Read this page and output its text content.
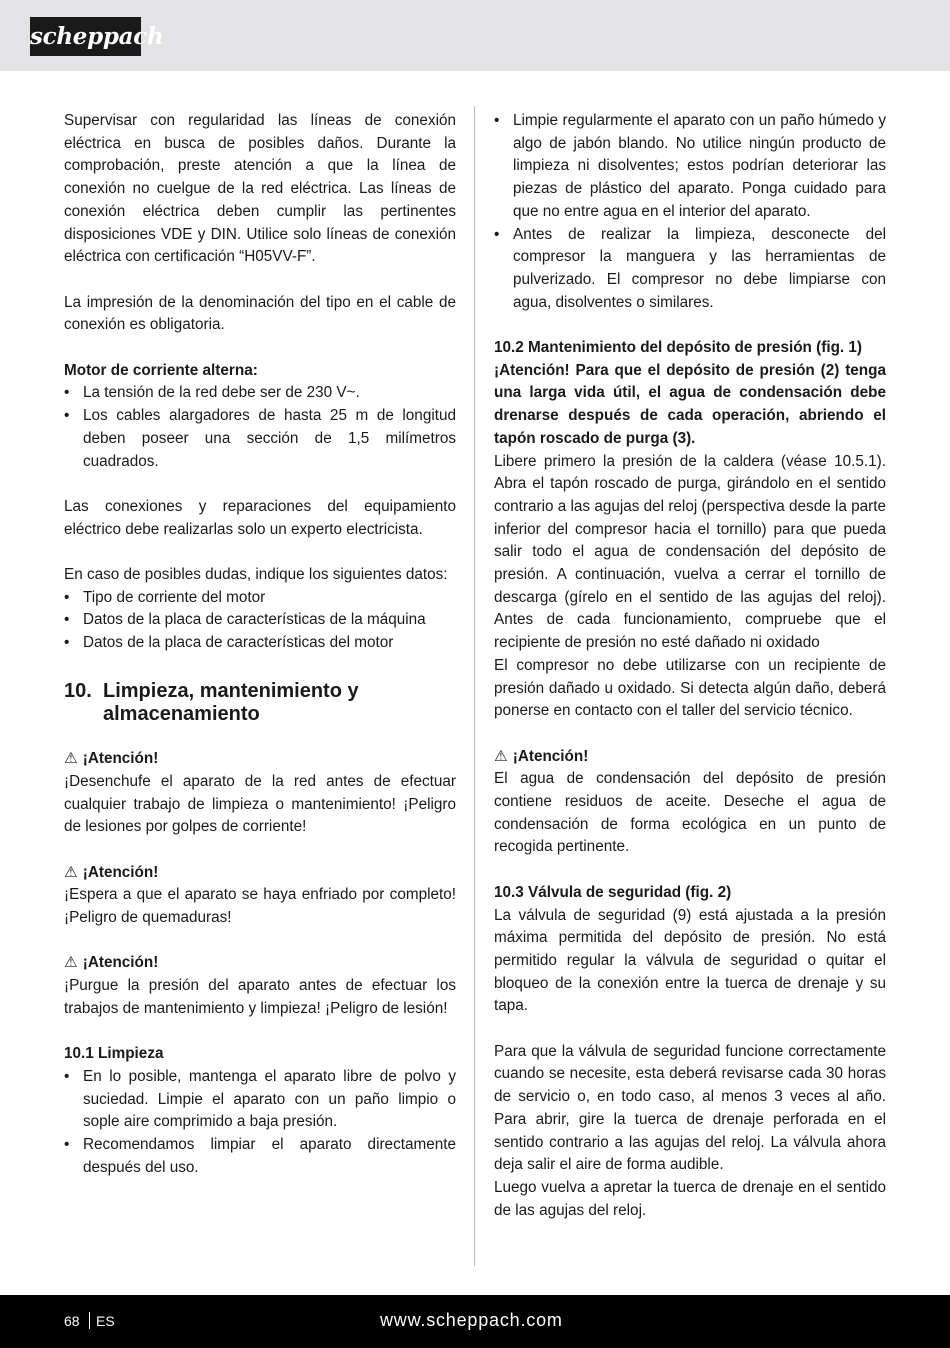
scheppach

Supervisar con regularidad las líneas de conexión eléctrica en busca de posibles daños. Durante la comprobación, preste atención a que la línea de conexión no cuelgue de la red eléctrica. Las líneas de conexión eléctrica deben cumplir las pertinentes disposiciones VDE y DIN. Utilice solo líneas de conexión eléctrica con certificación “H05VV-F”.

La impresión de la denominación del tipo en el cable de conexión es obligatoria.

Motor de corriente alterna:

• La tensión de la red debe ser de 230 V~.
• Los cables alargadores de hasta 25 m de longitud deben poseer una sección de 1,5 milímetros cuadrados.

Las conexiones y reparaciones del equipamiento eléctrico debe realizarlas solo un experto electricista.

En caso de posibles dudas, indique los siguientes datos:

• Tipo de corriente del motor
• Datos de la placa de características de la máquina
• Datos de la placa de características del motor
10. Limpieza, mantenimiento y almacenamiento

⚠ ¡Atención!

¡Desenchufe el aparato de la red antes de efectuar cualquier trabajo de limpieza o mantenimiento! ¡Peligro de lesiones por golpes de corriente!

⚠ ¡Atención!

¡Espera a que el aparato se haya enfriado por completo! ¡Peligro de quemaduras!

⚠ ¡Atención!

¡Purgue la presión del aparato antes de efectuar los trabajos de mantenimiento y limpieza! ¡Peligro de lesión!

10.1 Limpieza

• En lo posible, mantenga el aparato libre de polvo y suciedad. Limpie el aparato con un paño limpio o sople aire comprimido a baja presión.
• Recomendamos limpiar el aparato directamente después del uso.
• Limpie regularmente el aparato con un paño húmedo y algo de jabón blando. No utilice ningún producto de limpieza ni disolventes; estos podrían deteriorar las piezas de plástico del aparato. Ponga cuidado para que no entre agua en el interior del aparato.
• Antes de realizar la limpieza, desconecte del compresor la manguera y las herramientas de pulverizado. El compresor no debe limpiarse con agua, disolventes o similares.

10.2 Mantenimiento del depósito de presión (fig. 1)

¡Atención! Para que el depósito de presión (2) tenga una larga vida útil, el agua de condensación debe drenarse después de cada operación, abriendo el tapón roscado de purga (3).

Libere primero la presión de la caldera (véase 10.5.1). Abra el tapón roscado de purga, girándolo en el sentido contrario a las agujas del reloj (perspectiva desde la parte inferior del compresor hacia el tornillo) para que pueda salir todo el agua de condensación del depósito de presión. A continuación, vuelva a cerrar el tornillo de descarga (gírelo en el sentido de las agujas del reloj). Antes de cada funcionamiento, compruebe que el recipiente de presión no esté dañado ni oxidado

El compresor no debe utilizarse con un recipiente de presión dañado u oxidado. Si detecta algún daño, deberá ponerse en contacto con el taller del servicio técnico.

⚠ ¡Atención!

El agua de condensación del depósito de presión contiene residuos de aceite. Deseche el agua de condensación de forma ecológica en un punto de recogida pertinente.

10.3 Válvula de seguridad (fig. 2)

La válvula de seguridad (9) está ajustada a la presión máxima permitida del depósito de presión. No está permitido regular la válvula de seguridad o quitar el bloqueo de la conexión entre la tuerca de drenaje y su tapa.

Para que la válvula de seguridad funcione correctamente cuando se necesite, esta deberá revisarse cada 30 horas de servicio o, en todo caso, al menos 3 veces al año. Para abrir, gire la tuerca de drenaje perforada en el sentido contrario a las agujas del reloj. La válvula ahora deja salir el aire de forma audible.

Luego vuelva a apretar la tuerca de drenaje en el sentido de las agujas del reloj.

68 ES	www.scheppach.com
